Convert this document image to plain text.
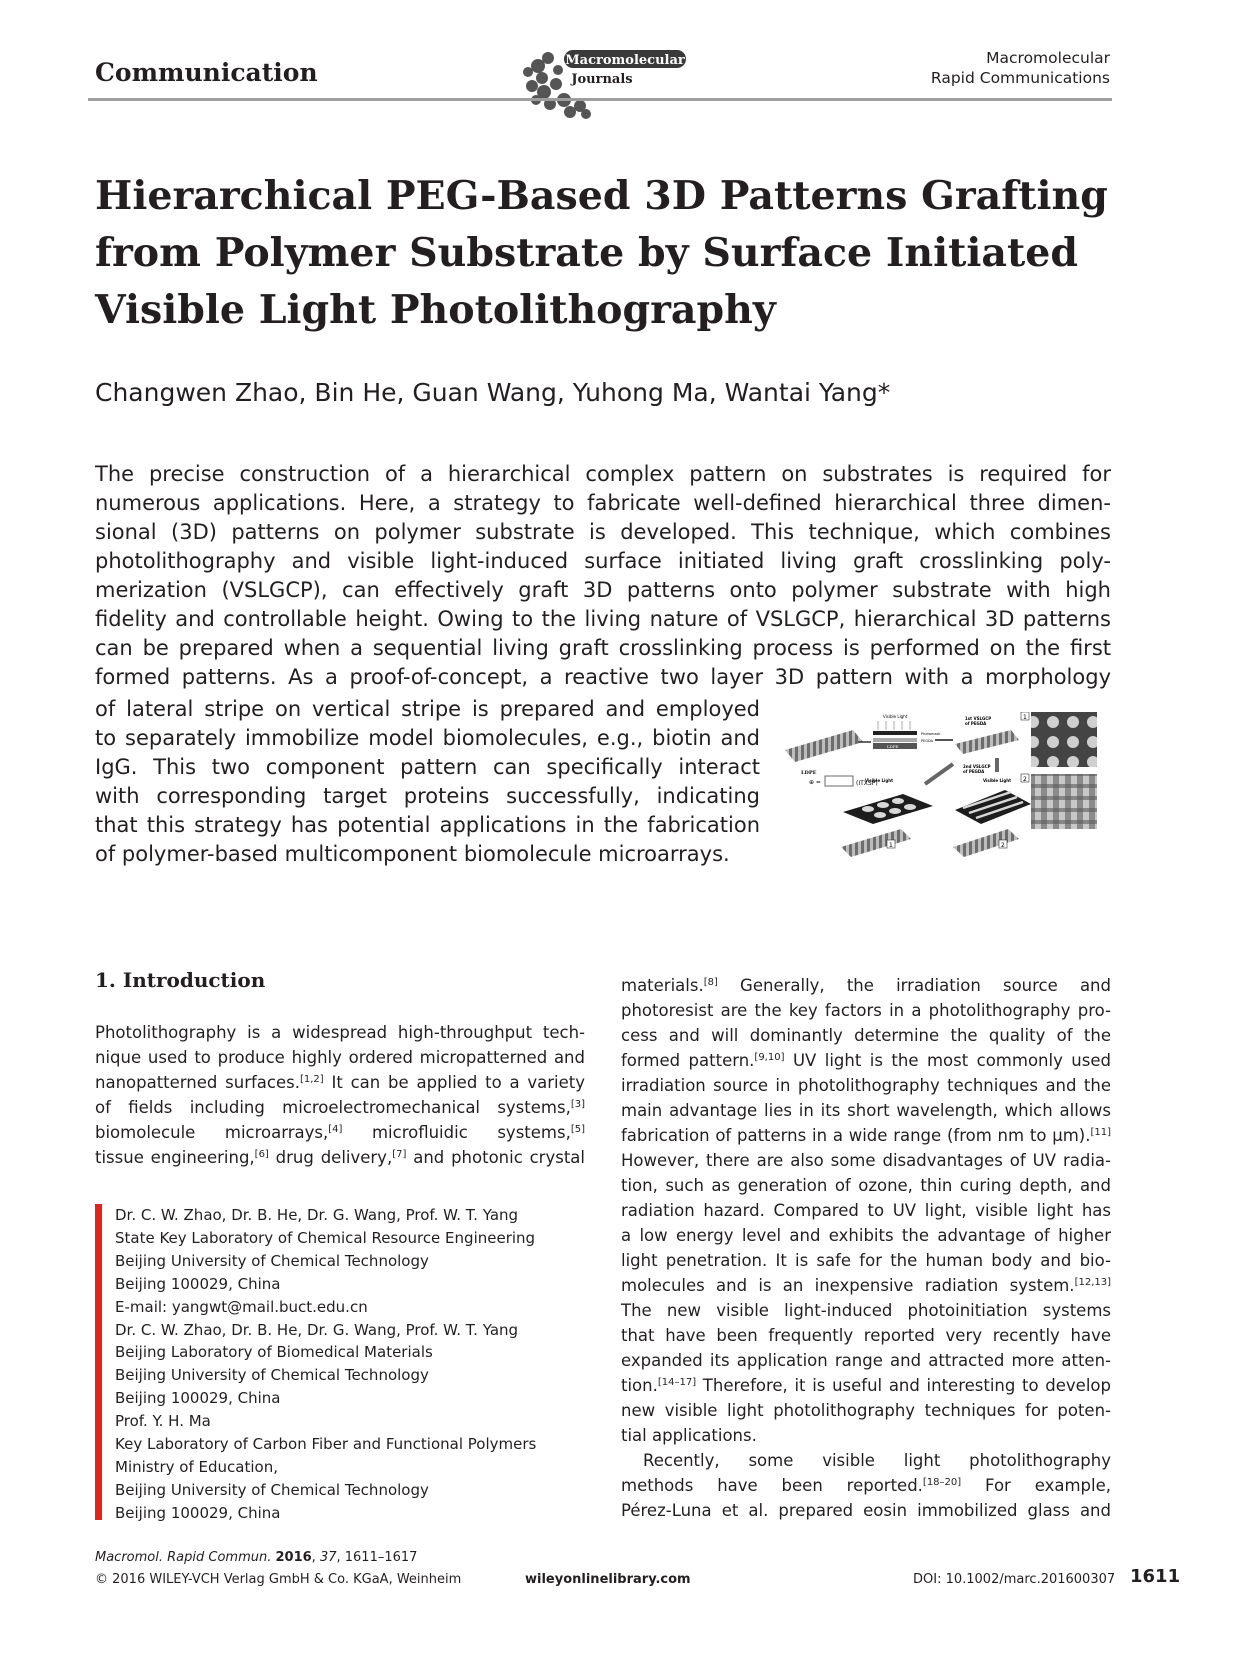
Communication	Macromolecular
Journals
Macromolecular
Rapid Communications
Hierarchical PEG-Based 3D Patterns Grafting
from Polymer Substrate by Surface Initiated
Visible Light Photolithography
Changwen Zhao, Bin He, Guan Wang, Yuhong Ma, Wantai Yang*
The precise construction of a hierarchical complex pattern on substrates is required for
numerous applications. Here, a strategy to fabricate well-defined hierarchical three dimen-
sional (3D) patterns on polymer substrate is developed. This technique, which combines
photolithography and visible light-induced surface initiated living graft crosslinking poly-
merization (VSLGCP), can effectively graft 3D patterns onto polymer substrate with high
fidelity and controllable height. Owing to the living nature of VSLGCP, hierarchical 3D patterns
can be prepared when a sequential living graft crosslinking process is performed on the first
formed patterns. As a proof-of-concept, a reactive two layer 3D pattern with a morphology
of lateral stripe on vertical stripe is prepared and employed
to separately immobilize model biomolecules, e.g., biotin and
IgG. This two component pattern can specifically interact
with corresponding target proteins successfully, indicating
that this strategy has potential applications in the fabrication
of polymer-based multicomponent biomolecule microarrays.
LDPE
⊕ =	(ITXSP)
Visible Light
LDPE
Photomask
PEGDA
1st VSLGCP
of PEGDA
1
2nd VSLGCP
of PEGDA
Visible Light
1
Visible Light
2
2
1. Introduction
Photolithography is a widespread high-throughput tech-
nique used to produce highly ordered micropatterned and
nanopatterned surfaces.[1,2] It can be applied to a variety
of fields including microelectromechanical systems,[3]
biomolecule microarrays,[4] microfluidic systems,[5]
tissue engineering,[6] drug delivery,[7] and photonic crystal
Dr. C. W. Zhao, Dr. B. He, Dr. G. Wang, Prof. W. T. Yang
State Key Laboratory of Chemical Resource Engineering
Beijing University of Chemical Technology
Beijing 100029, China
E-mail: yangwt@mail.buct.edu.cn
Dr. C. W. Zhao, Dr. B. He, Dr. G. Wang, Prof. W. T. Yang
Beijing Laboratory of Biomedical Materials
Beijing University of Chemical Technology
Beijing 100029, China
Prof. Y. H. Ma
Key Laboratory of Carbon Fiber and Functional Polymers
Ministry of Education,
Beijing University of Chemical Technology
Beijing 100029, China
materials.[8] Generally, the irradiation source and
photoresist are the key factors in a photolithography pro-
cess and will dominantly determine the quality of the
formed pattern.[9,10] UV light is the most commonly used
irradiation source in photolithography techniques and the
main advantage lies in its short wavelength, which allows
fabrication of patterns in a wide range (from nm to μm).[11]
However, there are also some disadvantages of UV radia-
tion, such as generation of ozone, thin curing depth, and
radiation hazard. Compared to UV light, visible light has
a low energy level and exhibits the advantage of higher
light penetration. It is safe for the human body and bio-
molecules and is an inexpensive radiation system.[12,13]
The new visible light-induced photoinitiation systems
that have been frequently reported very recently have
expanded its application range and attracted more atten-
tion.[14–17] Therefore, it is useful and interesting to develop
new visible light photolithography techniques for poten-
tial applications.
Recently, some visible light photolithography
methods have been reported.[18–20] For example,
Pérez-Luna et al. prepared eosin immobilized glass and
Macromol. Rapid Commun. 2016, 37, 1611–1617
© 2016 WILEY-VCH Verlag GmbH & Co. KGaA, Weinheim	wileyonlinelibrary.com	DOI: 10.1002/marc.201600307 1611
